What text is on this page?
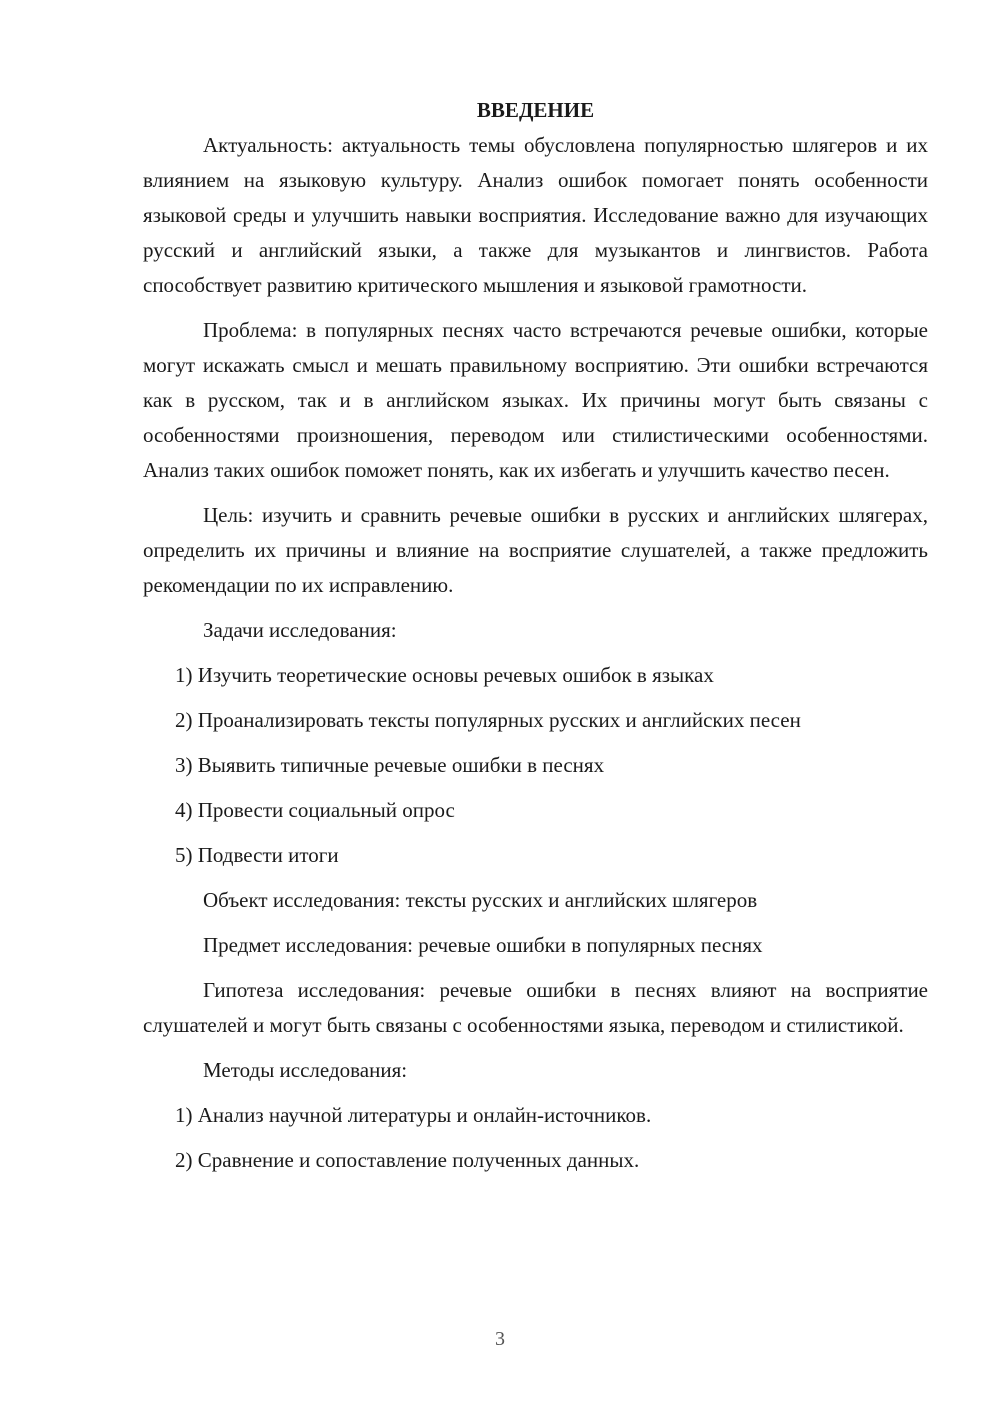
ВВЕДЕНИЕ

Актуальность: актуальность темы обусловлена популярностью шлягеров и их влиянием на языковую культуру. Анализ ошибок помогает понять особенности языковой среды и улучшить навыки восприятия. Исследование важно для изучающих русский и английский языки, а также для музыкантов и лингвистов. Работа способствует развитию критического мышления и языковой грамотности.

Проблема: в популярных песнях часто встречаются речевые ошибки, которые могут искажать смысл и мешать правильному восприятию. Эти ошибки встречаются как в русском, так и в английском языках. Их причины могут быть связаны с особенностями произношения, переводом или стилистическими особенностями. Анализ таких ошибок поможет понять, как их избегать и улучшить качество песен.

Цель: изучить и сравнить речевые ошибки в русских и английских шлягерах, определить их причины и влияние на восприятие слушателей, а также предложить рекомендации по их исправлению.

Задачи исследования:

1) Изучить теоретические основы речевых ошибок в языках

2) Проанализировать тексты популярных русских и английских песен

3) Выявить типичные речевые ошибки в песнях

4) Провести социальный опрос

5) Подвести итоги

Объект исследования: тексты русских и английских шлягеров

Предмет исследования: речевые ошибки в популярных песнях

Гипотеза исследования: речевые ошибки в песнях влияют на восприятие слушателей и могут быть связаны с особенностями языка, переводом и стилистикой.

Методы исследования:

1) Анализ научной литературы и онлайн-источников.

2) Сравнение и сопоставление полученных данных.

3
